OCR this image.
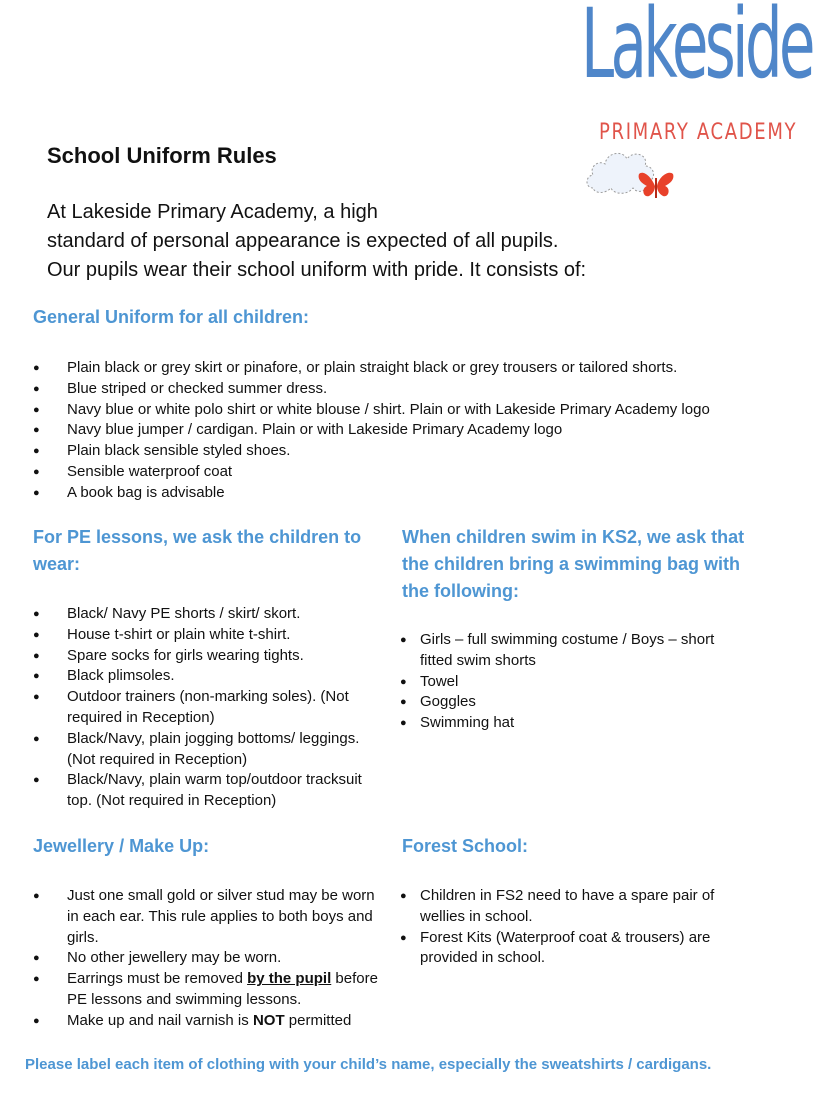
Lakeside
PRIMARY ACADEMY
School Uniform Rules
At Lakeside Primary Academy, a high
standard of personal appearance is expected of all pupils.
Our pupils wear their school uniform with pride. It consists of:
General Uniform for all children:
● Plain black or grey skirt or pinafore, or plain straight black or grey trousers or tailored shorts.
● Blue striped or checked summer dress.
● Navy blue or white polo shirt or white blouse / shirt. Plain or with Lakeside Primary Academy logo
● Navy blue jumper / cardigan. Plain or with Lakeside Primary Academy logo
● Plain black sensible styled shoes.
● Sensible waterproof coat
● A book bag is advisable
For PE lessons, we ask the children to wear:
● Black/ Navy PE shorts / skirt/ skort.
● House t-shirt or plain white t-shirt.
● Spare socks for girls wearing tights.
● Black plimsoles.
● Outdoor trainers (non-marking soles). (Not required in Reception)
● Black/Navy, plain jogging bottoms/ leggings. (Not required in Reception)
● Black/Navy, plain warm top/outdoor tracksuit top. (Not required in Reception)
When children swim in KS2, we ask that the children bring a swimming bag with the following:
● Girls – full swimming costume / Boys – short fitted swim shorts
● Towel
● Goggles
● Swimming hat
Jewellery / Make Up:
● Just one small gold or silver stud may be worn in each ear. This rule applies to both boys and girls.
● No other jewellery may be worn.
● Earrings must be removed by the pupil before PE lessons and swimming lessons.
● Make up and nail varnish is NOT permitted
Forest School:
● Children in FS2 need to have a spare pair of wellies in school.
● Forest Kits (Waterproof coat & trousers) are provided in school.
Please label each item of clothing with your child’s name, especially the sweatshirts / cardigans.
